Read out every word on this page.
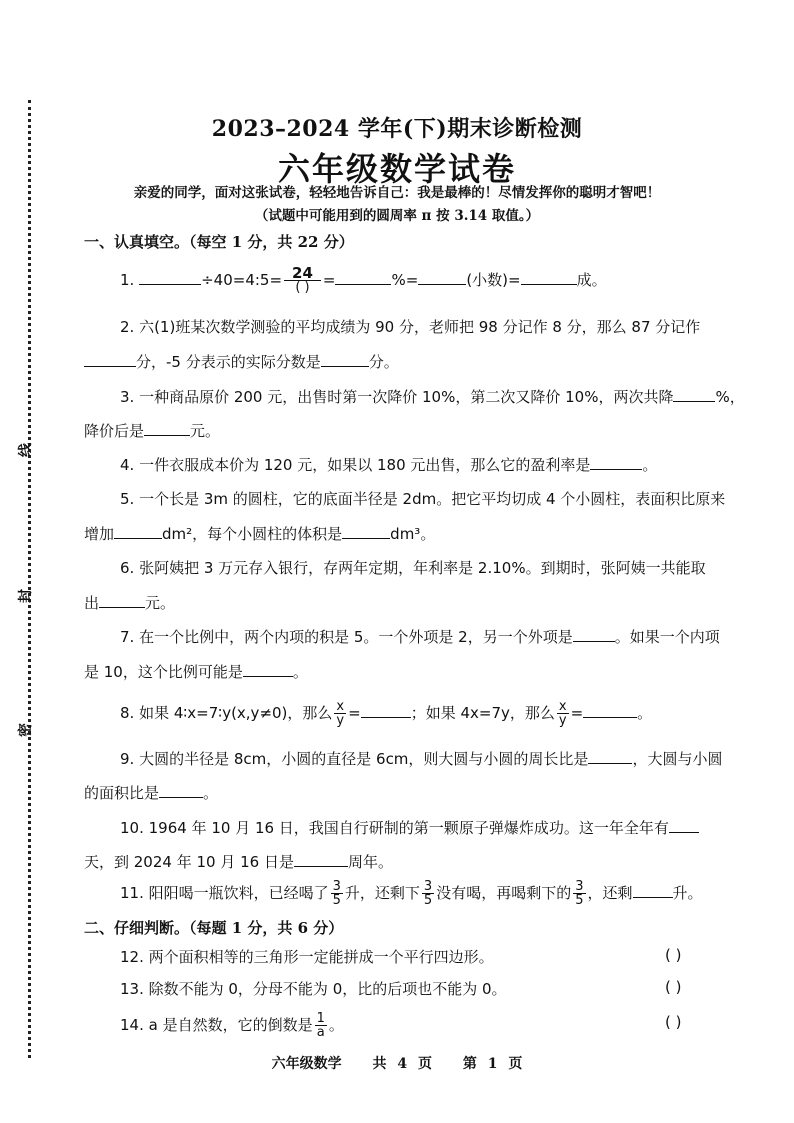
线
封
密
2023–2024 学年(下)期末诊断检测
六年级数学试卷
亲爱的同学，面对这张试卷，轻轻地告诉自己：我是最棒的！尽情发挥你的聪明才智吧！
（试题中可能用到的圆周率 π 按 3.14 取值。）
一、认真填空。（每空 1 分，共 22 分）
1.	÷40=4:5= $\frac{24}{( )}$ =	%=	(小数)=	成。
2. 六(1)班某次数学测验的平均成绩为 90 分，老师把 98 分记作 8 分，那么 87 分记作
分，-5 分表示的实际分数是	分。
3. 一种商品原价 200 元，出售时第一次降价 10%，第二次又降价 10%，两次共降	%，
降价后是	元。
4. 一件衣服成本价为 120 元，如果以 180 元出售，那么它的盈利率是	。
5. 一个长是 3m 的圆柱，它的底面半径是 2dm。把它平均切成 4 个小圆柱，表面积比原来
增加	dm²，每个小圆柱的体积是	dm³。
6. 张阿姨把 3 万元存入银行，存两年定期，年利率是 2.10%。到期时，张阿姨一共能取
出	元。
7. 在一个比例中，两个内项的积是 5。一个外项是 2，另一个外项是	。如果一个内项
是 10，这个比例可能是	。
8. 如果 4∶x=7∶y(x,y≠0)，那么 $\frac{x}{y}$ =	；如果 4x=7y，那么 $\frac{x}{y}$ =	。
9. 大圆的半径是 8cm，小圆的直径是 6cm，则大圆与小圆的周长比是	，大圆与小圆
的面积比是	。
10. 1964 年 10 月 16 日，我国自行研制的第一颗原子弹爆炸成功。这一年全年有
天，到 2024 年 10 月 16 日是	周年。
11. 阳阳喝一瓶饮料，已经喝了 $\frac{3}{5}$ 升，还剩下 $\frac{3}{5}$ 没有喝，再喝剩下的 $\frac{3}{5}$ ，还剩	升。
二、仔细判断。（每题 1 分，共 6 分）
12. 两个面积相等的三角形一定能拼成一个平行四边形。	( )
13. 除数不能为 0，分母不能为 0，比的后项也不能为 0。	( )
14. a 是自然数，它的倒数是 $\frac{1}{a}$ 。	( )
六年级数学 共 4 页 第 1 页
